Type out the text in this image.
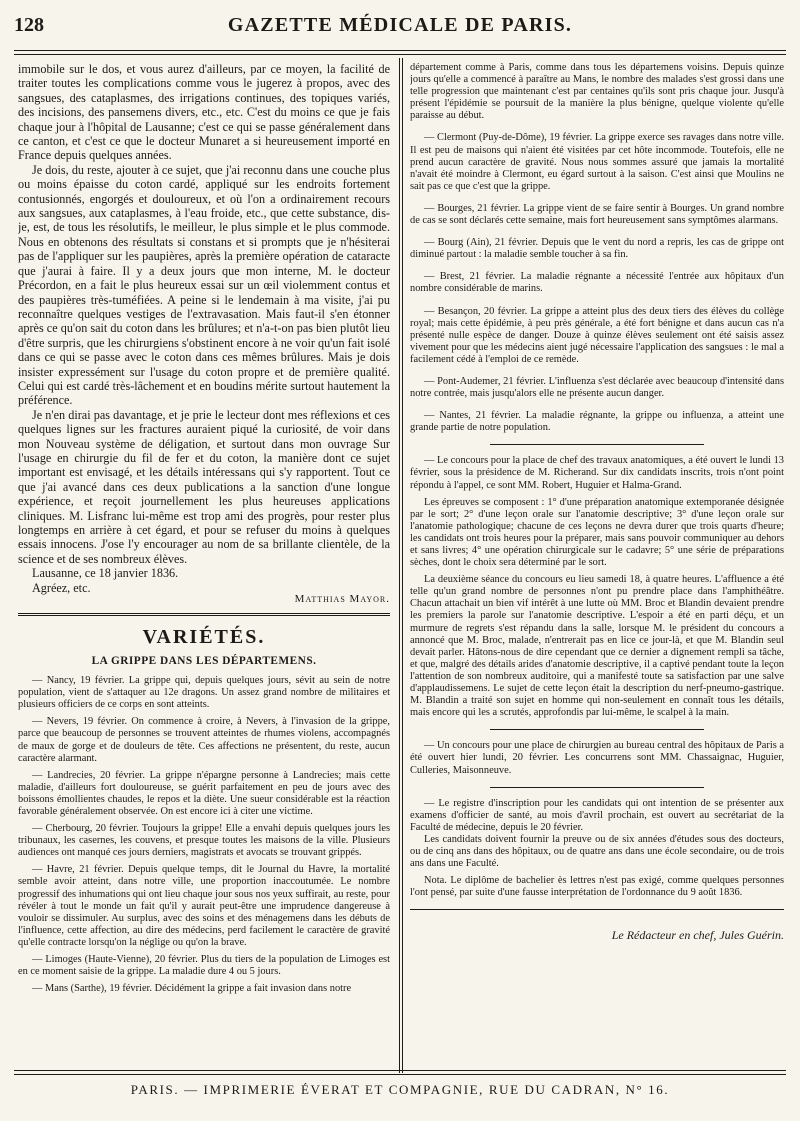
128	GAZETTE MÉDICALE DE PARIS.

immobile sur le dos, et vous aurez d'ailleurs, par ce moyen, la facilité de traiter toutes les complications comme vous le jugerez à propos, avec des sangsues, des cataplasmes, des irrigations continues, des topiques variés, des incisions, des pansemens divers, etc., etc. C'est du moins ce que je fais chaque jour à l'hôpital de Lausanne; c'est ce qui se passe généralement dans ce canton, et c'est ce que le docteur Munaret a si heureusement importé en France depuis quelques années.

Je dois, du reste, ajouter à ce sujet, que j'ai reconnu dans une couche plus ou moins épaisse du coton cardé, appliqué sur les endroits fortement contusionnés, engorgés et douloureux, et où l'on a ordinairement recours aux sangsues, aux cataplasmes, à l'eau froide, etc., que cette substance, dis-je, est, de tous les résolutifs, le meilleur, le plus simple et le plus commode. Nous en obtenons des résultats si constans et si prompts que je n'hésiterai pas de l'appliquer sur les paupières, après la première opération de cataracte que j'aurai à faire. Il y a deux jours que mon interne, M. le docteur Précordon, en a fait le plus heureux essai sur un œil violemment contus et des paupières très-tuméfiées. A peine si le lendemain à ma visite, j'ai pu reconnaître quelques vestiges de l'extravasation. Mais faut-il s'en étonner après ce qu'on sait du coton dans les brûlures; et n'a-t-on pas bien plutôt lieu d'être surpris, que les chirurgiens s'obstinent encore à ne voir qu'un fait isolé dans ce qui se passe avec le coton dans ces mêmes brûlures. Mais je dois insister expressément sur l'usage du coton propre et de première qualité. Celui qui est cardé très-lâchement et en boudins mérite surtout hautement la préférence.

Je n'en dirai pas davantage, et je prie le lecteur dont mes réflexions et ces quelques lignes sur les fractures auraient piqué la curiosité, de voir dans mon Nouveau système de déligation, et surtout dans mon ouvrage Sur l'usage en chirurgie du fil de fer et du coton, la manière dont ce sujet important est envisagé, et les détails intéressans qui s'y rapportent. Tout ce que j'ai avancé dans ces deux publications a la sanction d'une longue expérience, et reçoit journellement les plus heureuses applications cliniques. M. Lisfranc lui-même est trop ami des progrès, pour rester plus longtemps en arrière à cet égard, et pour se refuser du moins à quelques essais innocens. J'ose l'y encourager au nom de sa brillante clientèle, de la science et de ses nombreux élèves.

Lausanne, ce 18 janvier 1836.

Agréez, etc.

Matthias Mayor.
VARIÉTÉS.
LA GRIPPE DANS LES DÉPARTEMENS.

— Nancy, 19 février. La grippe qui, depuis quelques jours, sévit au sein de notre population, vient de s'attaquer au 12e dragons. Un assez grand nombre de militaires et plusieurs officiers de ce corps en sont atteints.

— Nevers, 19 février. On commence à croire, à Nevers, à l'invasion de la grippe, parce que beaucoup de personnes se trouvent atteintes de rhumes violens, accompagnés de maux de gorge et de douleurs de tête. Ces affections ne présentent, du reste, aucun caractère alarmant.

— Landrecies, 20 février. La grippe n'épargne personne à Landrecies; mais cette maladie, d'ailleurs fort douloureuse, se guérit parfaitement en peu de jours avec des boissons émollientes chaudes, le repos et la diète. Une sueur considérable est la réaction favorable généralement observée. On est encore ici à citer une victime.

— Cherbourg, 20 février. Toujours la grippe! Elle a envahi depuis quelques jours les tribunaux, les casernes, les couvens, et presque toutes les maisons de la ville. Plusieurs audiences ont manqué ces jours derniers, magistrats et avocats se trouvant grippés.

— Havre, 21 février. Depuis quelque temps, dit le Journal du Havre, la mortalité semble avoir atteint, dans notre ville, une proportion inaccoutumée. Le nombre progressif des inhumations qui ont lieu chaque jour sous nos yeux suffirait, au reste, pour révéler à tout le monde un fait qu'il y aurait peut-être une imprudence dangereuse à vouloir se dissimuler. Au surplus, avec des soins et des ménagemens dans les débuts de l'influence, cette affection, au dire des médecins, perd facilement le caractère de gravité qu'elle contracte lorsqu'on la néglige ou qu'on la brave.

— Limoges (Haute-Vienne), 20 février. Plus du tiers de la population de Limoges est en ce moment saisie de la grippe. La maladie dure 4 ou 5 jours.

— Mans (Sarthe), 19 février. Décidément la grippe a fait invasion dans notre

département comme à Paris, comme dans tous les départemens voisins. Depuis quinze jours qu'elle a commencé à paraître au Mans, le nombre des malades s'est grossi dans une telle progression que maintenant c'est par centaines qu'ils sont pris chaque jour. Jusqu'à présent l'épidémie se poursuit de la manière la plus bénigne, quelque violente qu'elle paraisse au début.

— Clermont (Puy-de-Dôme), 19 février. La grippe exerce ses ravages dans notre ville. Il est peu de maisons qui n'aient été visitées par cet hôte incommode. Toutefois, elle ne prend aucun caractère de gravité. Nous nous sommes assuré que jamais la mortalité n'avait été moindre à Clermont, eu égard surtout à la saison. C'est ainsi que Moulins ne sait pas ce que c'est que la grippe.

— Bourges, 21 février. La grippe vient de se faire sentir à Bourges. Un grand nombre de cas se sont déclarés cette semaine, mais fort heureusement sans symptômes alarmans.

— Bourg (Ain), 21 février. Depuis que le vent du nord a repris, les cas de grippe ont diminué partout : la maladie semble toucher à sa fin.

— Brest, 21 février. La maladie régnante a nécessité l'entrée aux hôpitaux d'un nombre considérable de marins.

— Besançon, 20 février. La grippe a atteint plus des deux tiers des élèves du collège royal; mais cette épidémie, à peu près générale, a été fort bénigne et dans aucun cas n'a présenté nulle espèce de danger. Douze à quinze élèves seulement ont été saisis assez vivement pour que les médecins aient jugé nécessaire l'application des sangsues : le mal a facilement cédé à l'emploi de ce remède.

— Pont-Audemer, 21 février. L'influenza s'est déclarée avec beaucoup d'intensité dans notre contrée, mais jusqu'alors elle ne présente aucun danger.

— Nantes, 21 février. La maladie régnante, la grippe ou influenza, a atteint une grande partie de notre population.

— Le concours pour la place de chef des travaux anatomiques, a été ouvert le lundi 13 février, sous la présidence de M. Richerand. Sur dix candidats inscrits, trois n'ont point répondu à l'appel, ce sont MM. Robert, Huguier et Halma-Grand.

Les épreuves se composent : 1° d'une préparation anatomique extemporanée désignée par le sort; 2° d'une leçon orale sur l'anatomie descriptive; 3° d'une leçon orale sur l'anatomie pathologique; chacune de ces leçons ne devra durer que trois quarts d'heure; les candidats ont trois heures pour la préparer, mais sans pouvoir communiquer au dehors et sans livres; 4° une opération chirurgicale sur le cadavre; 5° une série de préparations sèches, dont le choix sera déterminé par le sort.

La deuxième séance du concours eu lieu samedi 18, à quatre heures. L'affluence a été telle qu'un grand nombre de personnes n'ont pu prendre place dans l'amphithéâtre. Chacun attachait un bien vif intérêt à une lutte où MM. Broc et Blandin devaient prendre les premiers la parole sur l'anatomie descriptive. L'espoir a été en parti déçu, et un murmure de regrets s'est répandu dans la salle, lorsque M. le président du concours a annoncé que M. Broc, malade, n'entrerait pas en lice ce jour-là, et que M. Blandin seul devait parler. Hâtons-nous de dire cependant que ce dernier a dignement rempli sa tâche, et que, malgré des détails arides d'anatomie descriptive, il a captivé pendant toute la leçon l'attention de son nombreux auditoire, qui a manifesté toute sa satisfaction par une salve d'applaudissemens. Le sujet de cette leçon était la description du nerf-pneumo-gastrique. M. Blandin a traité son sujet en homme qui non-seulement en connaît tous les détails, mais encore qui les a scrutés, approfondis par lui-même, le scalpel à la main.

— Un concours pour une place de chirurgien au bureau central des hôpitaux de Paris a été ouvert hier lundi, 20 février. Les concurrens sont MM. Chassaignac, Huguier, Culleries, Maisonneuve.

— Le registre d'inscription pour les candidats qui ont intention de se présenter aux examens d'officier de santé, au mois d'avril prochain, est ouvert au secrétariat de la Faculté de médecine, depuis le 20 février.

Les candidats doivent fournir la preuve ou de six années d'études sous des docteurs, ou de cinq ans dans des hôpitaux, ou de quatre ans dans une école secondaire, ou de trois ans dans une Faculté.

Nota. Le diplôme de bachelier ès lettres n'est pas exigé, comme quelques personnes l'ont pensé, par suite d'une fausse interprétation de l'ordonnance du 9 août 1836.

Le Rédacteur en chef, Jules Guérin.
PARIS. — IMPRIMERIE ÉVERAT ET COMPAGNIE, RUE DU CADRAN, N° 16.
